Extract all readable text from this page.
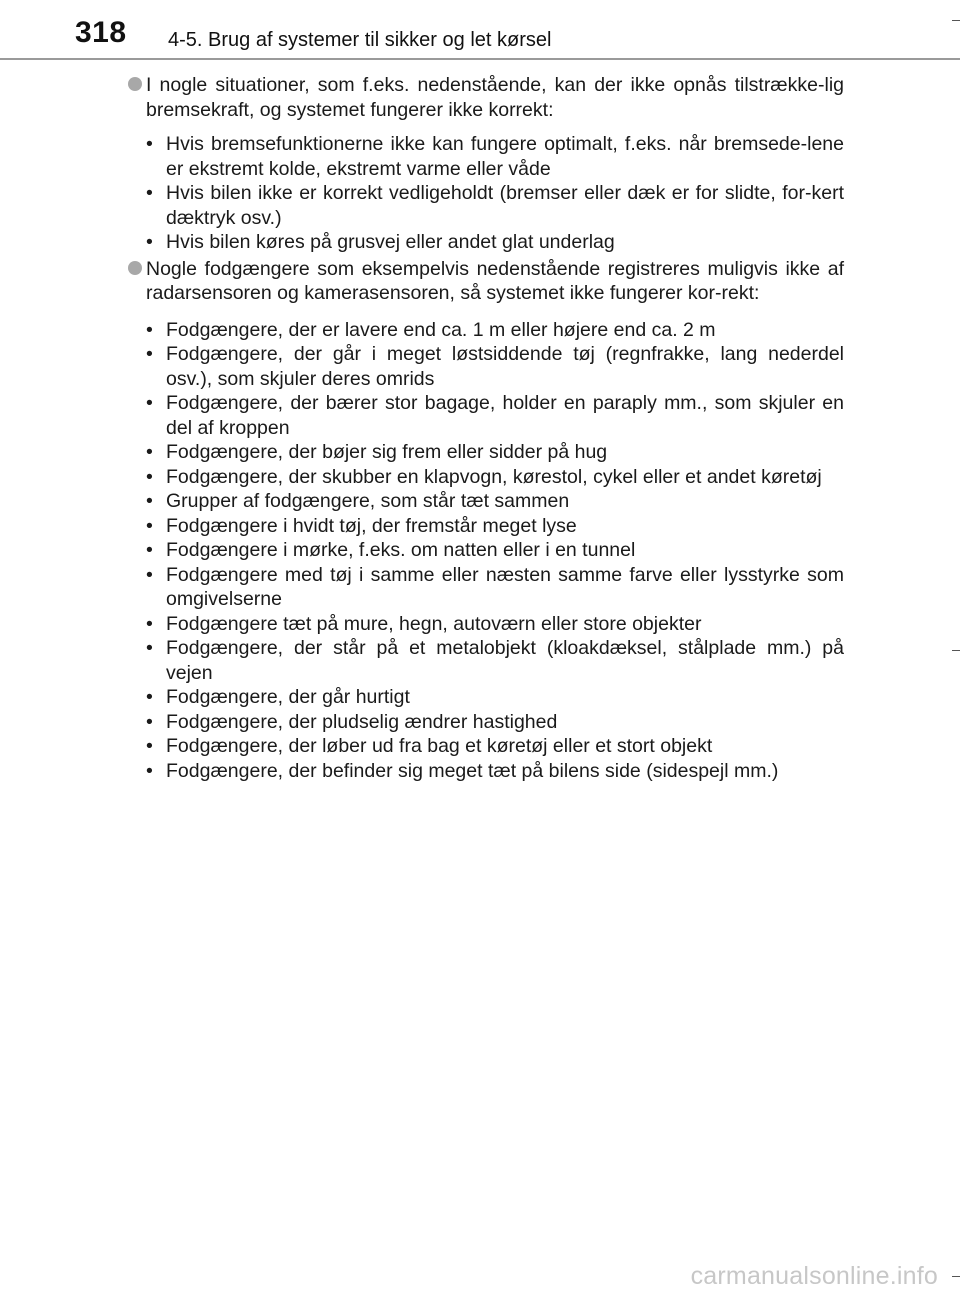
318 4-5. Brug af systemer til sikker og let kørsel
I nogle situationer, som f.eks. nedenstående, kan der ikke opnås tilstrække-lig bremsekraft, og systemet fungerer ikke korrekt:
• Hvis bremsefunktionerne ikke kan fungere optimalt, f.eks. når bremsede-lene er ekstremt kolde, ekstremt varme eller våde
• Hvis bilen ikke er korrekt vedligeholdt (bremser eller dæk er for slidte, for-kert dæktryk osv.)
• Hvis bilen køres på grusvej eller andet glat underlag
Nogle fodgængere som eksempelvis nedenstående registreres muligvis ikke af radarsensoren og kamerasensoren, så systemet ikke fungerer kor-rekt:
• Fodgængere, der er lavere end ca. 1 m eller højere end ca. 2 m
• Fodgængere, der går i meget løstsiddende tøj (regnfrakke, lang nederdel osv.), som skjuler deres omrids
• Fodgængere, der bærer stor bagage, holder en paraply mm., som skjuler en del af kroppen
• Fodgængere, der bøjer sig frem eller sidder på hug
• Fodgængere, der skubber en klapvogn, kørestol, cykel eller et andet køretøj
• Grupper af fodgængere, som står tæt sammen
• Fodgængere i hvidt tøj, der fremstår meget lyse
• Fodgængere i mørke, f.eks. om natten eller i en tunnel
• Fodgængere med tøj i samme eller næsten samme farve eller lysstyrke som omgivelserne
• Fodgængere tæt på mure, hegn, autoværn eller store objekter
• Fodgængere, der står på et metalobjekt (kloakdæksel, stålplade mm.) på vejen
• Fodgængere, der går hurtigt
• Fodgængere, der pludselig ændrer hastighed
• Fodgængere, der løber ud fra bag et køretøj eller et stort objekt
• Fodgængere, der befinder sig meget tæt på bilens side (sidespejl mm.)
carmanualsonline.info
